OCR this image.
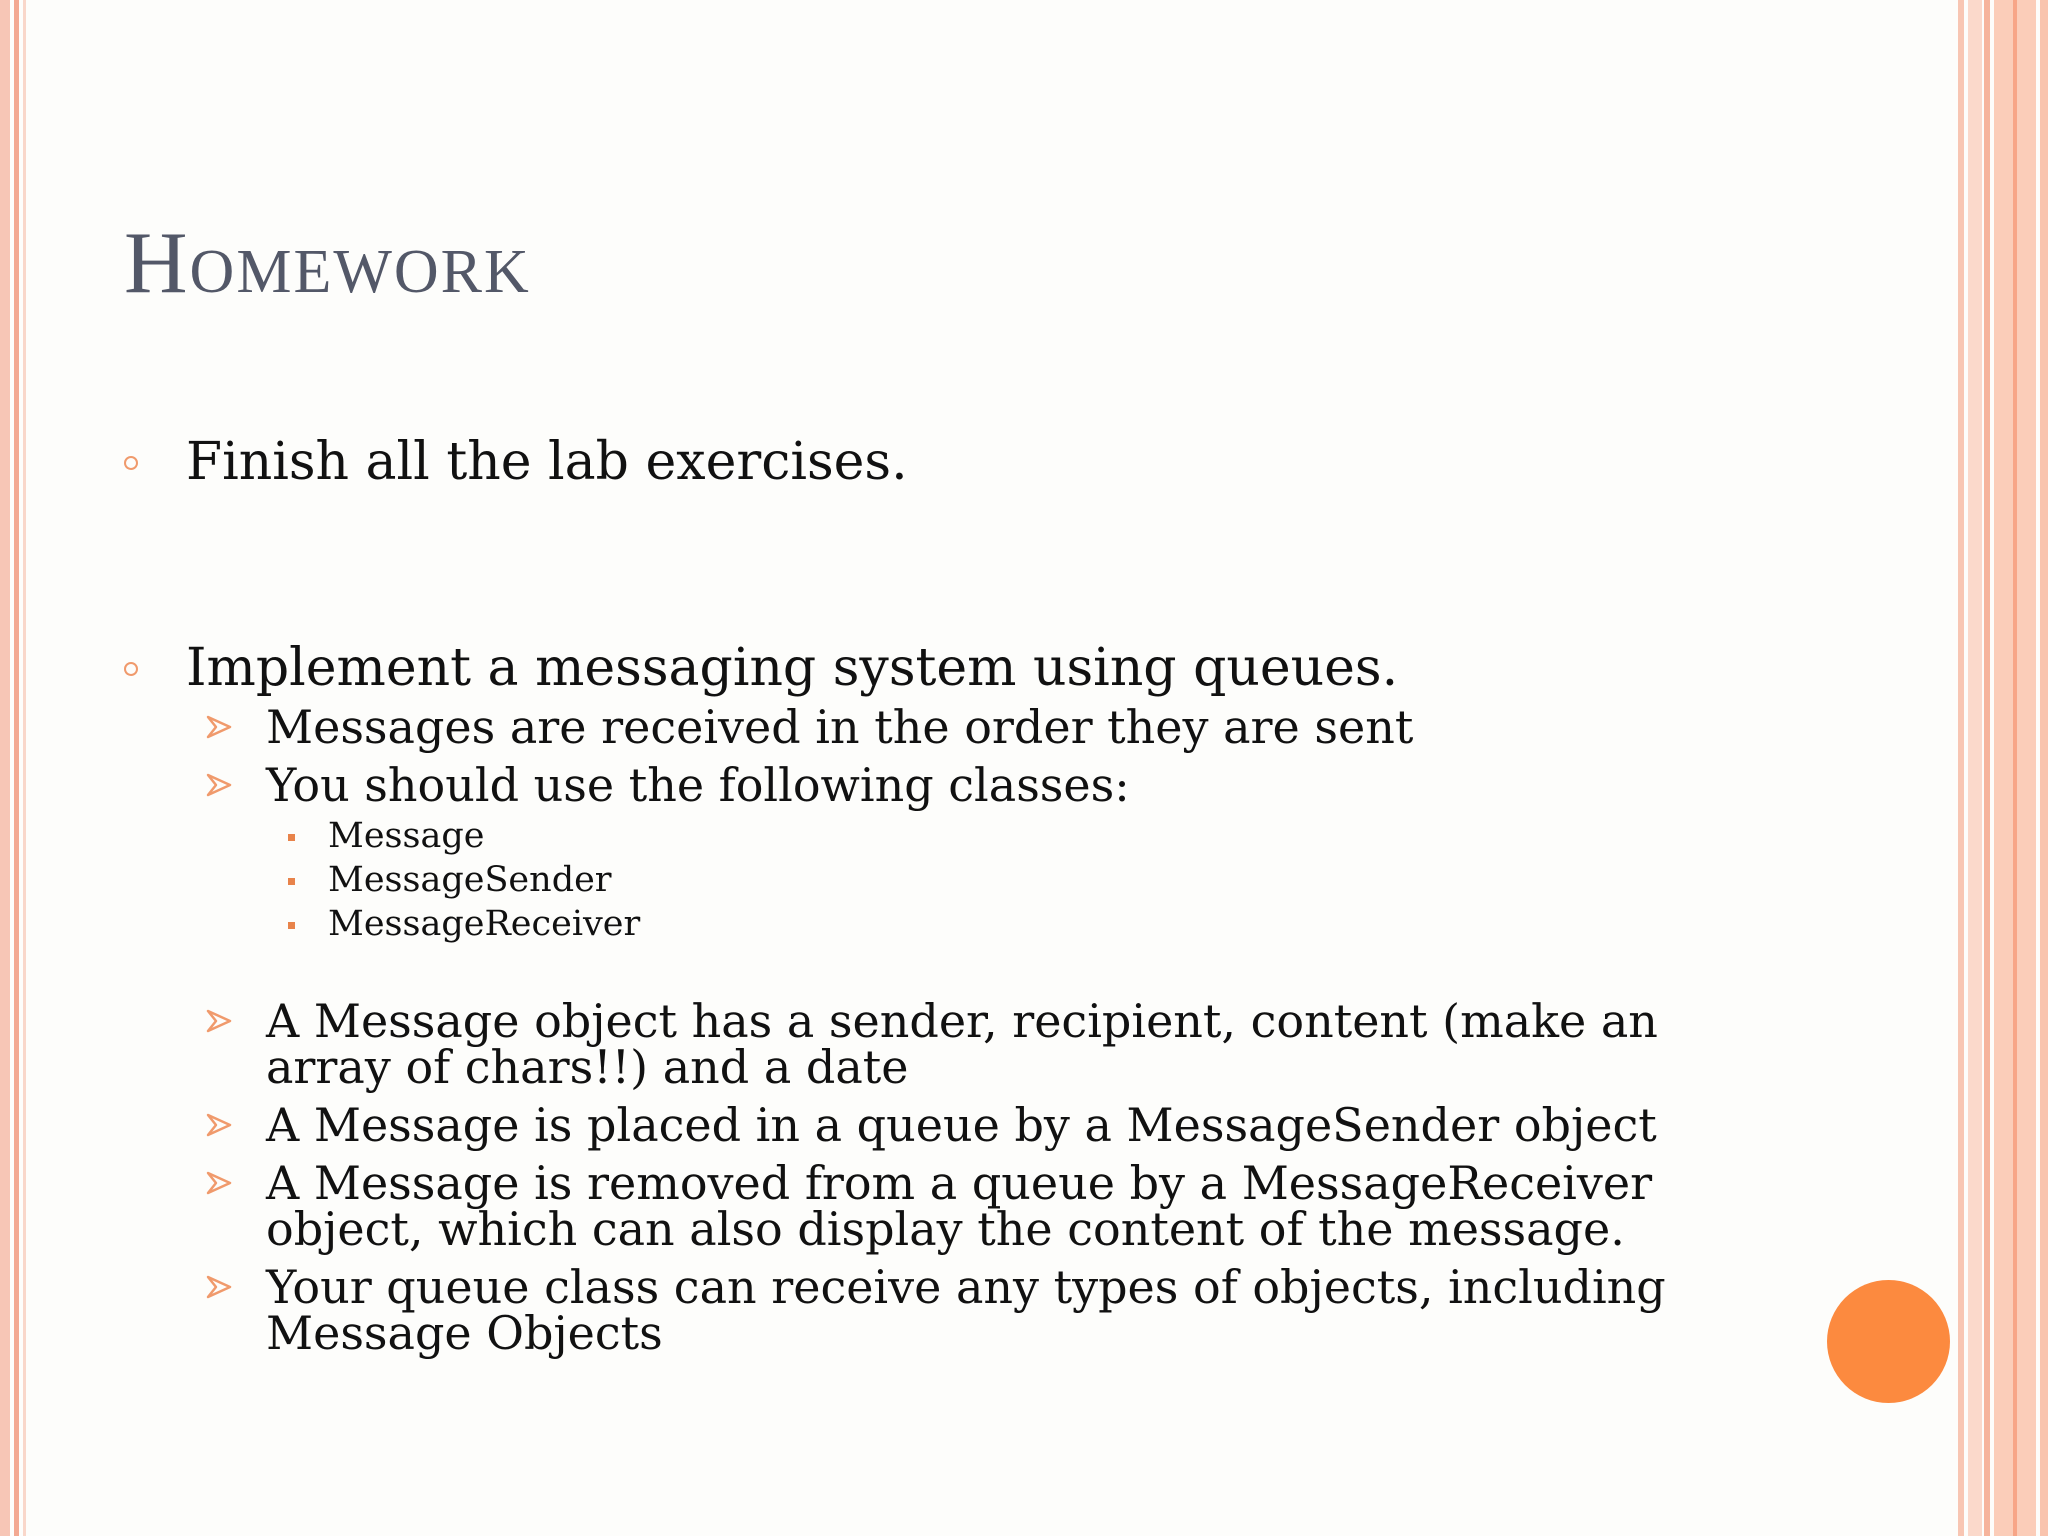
Homework
Finish all the lab exercises.
Implement a messaging system using queues.
Messages are received in the order they are sent
You should use the following classes:
Message
MessageSender
MessageReceiver
A Message object has a sender, recipient, content (make an array of chars!!) and a date
A Message is placed in a queue by a MessageSender object
A Message is removed from a queue by a MessageReceiver object, which can also display the content of the message.
Your queue class can receive any types of objects, including Message Objects
